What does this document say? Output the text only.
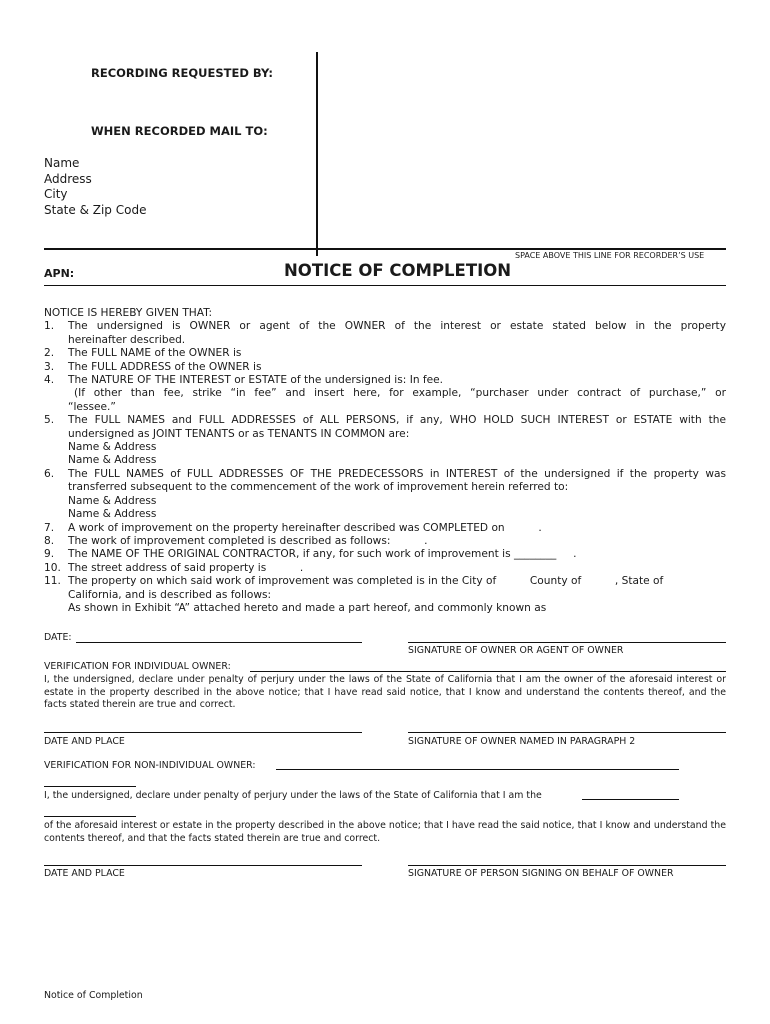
RECORDING REQUESTED BY:
WHEN RECORDED MAIL TO:
Name
Address
City
State & Zip Code
SPACE ABOVE THIS LINE FOR RECORDER’S USE
APN:	NOTICE OF COMPLETION
NOTICE IS HEREBY GIVEN THAT:
1.	The undersigned is OWNER or agent of the OWNER of the interest or estate stated below in the property
hereinafter described.
2.	The FULL NAME of the OWNER is
3.	The FULL ADDRESS of the OWNER is
4.	The NATURE OF THE INTEREST or ESTATE of the undersigned is: In fee.
(If other than fee, strike “in fee” and insert here, for example, “purchaser under contract of purchase,” or
“lessee.”
5.	The FULL NAMES and FULL ADDRESSES of ALL PERSONS, if any, WHO HOLD SUCH INTEREST or ESTATE with the
undersigned as JOINT TENANTS or as TENANTS IN COMMON are:
Name & Address
Name & Address
6.	The FULL NAMES of FULL ADDRESSES OF THE PREDECESSORS in INTEREST of the undersigned if the property was
transferred subsequent to the commencement of the work of improvement herein referred to:
Name & Address
Name & Address
7.	A work of improvement on the property hereinafter described was COMPLETED on          .
8.	The work of improvement completed is described as follows:          .
9.	The NAME OF THE ORIGINAL CONTRACTOR, if any, for such work of improvement is ________     .
10. The street address of said property is          .
11. The property on which said work of improvement was completed is in the City of          County of          , State of
California, and is described as follows:
As shown in Exhibit “A” attached hereto and made a part hereof, and commonly known as
DATE:
SIGNATURE OF OWNER OR AGENT OF OWNER
VERIFICATION FOR INDIVIDUAL OWNER:
I, the undersigned, declare under penalty of perjury under the laws of the State of California that I am the owner of the aforesaid interest or estate in the property described in the above notice; that I have read said notice, that I know and understand the contents thereof, and the facts stated therein are true and correct.
DATE AND PLACE	SIGNATURE OF OWNER NAMED IN PARAGRAPH 2
VERIFICATION FOR NON-INDIVIDUAL OWNER:
I, the undersigned, declare under penalty of perjury under the laws of the State of California that I am the
of the aforesaid interest or estate in the property described in the above notice; that I have read the said notice, that I know and understand the contents thereof, and that the facts stated therein are true and correct.
DATE AND PLACE	SIGNATURE OF PERSON SIGNING ON BEHALF OF OWNER
Notice of Completion
